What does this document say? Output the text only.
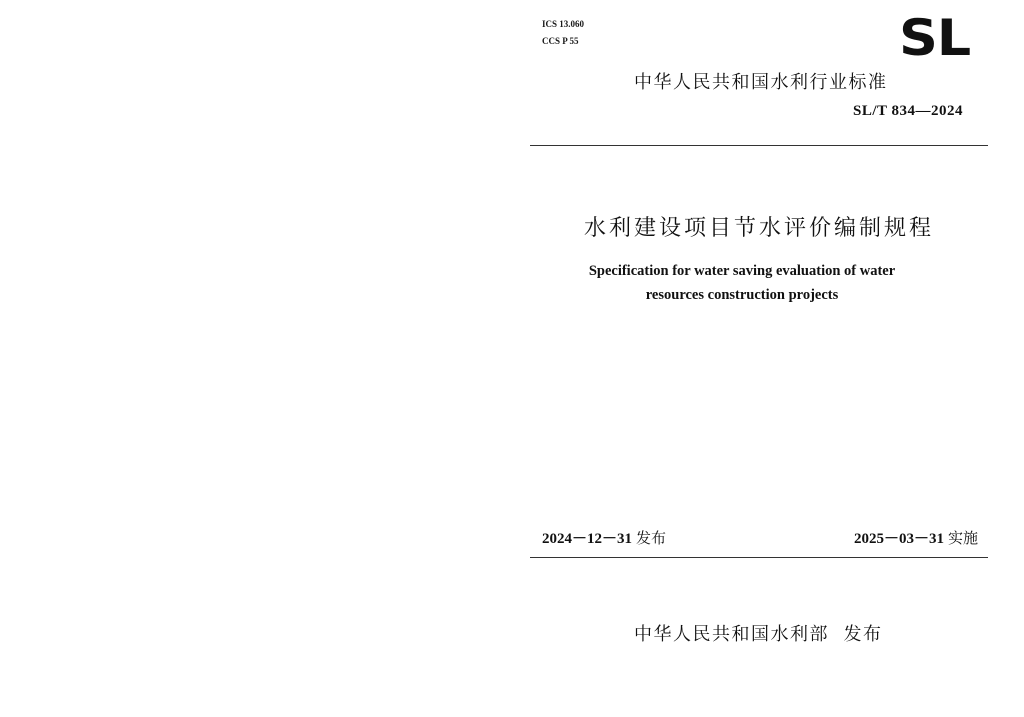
ICS 13.060
CCS P 55	SL
中华人民共和国水利行业标准
SL/T 834—2024
水利建设项目节水评价编制规程
Specification for water saving evaluation of water
resources construction projects
2024－12－31 发布	2025－03－31 实施
中华人民共和国水利部 发布
